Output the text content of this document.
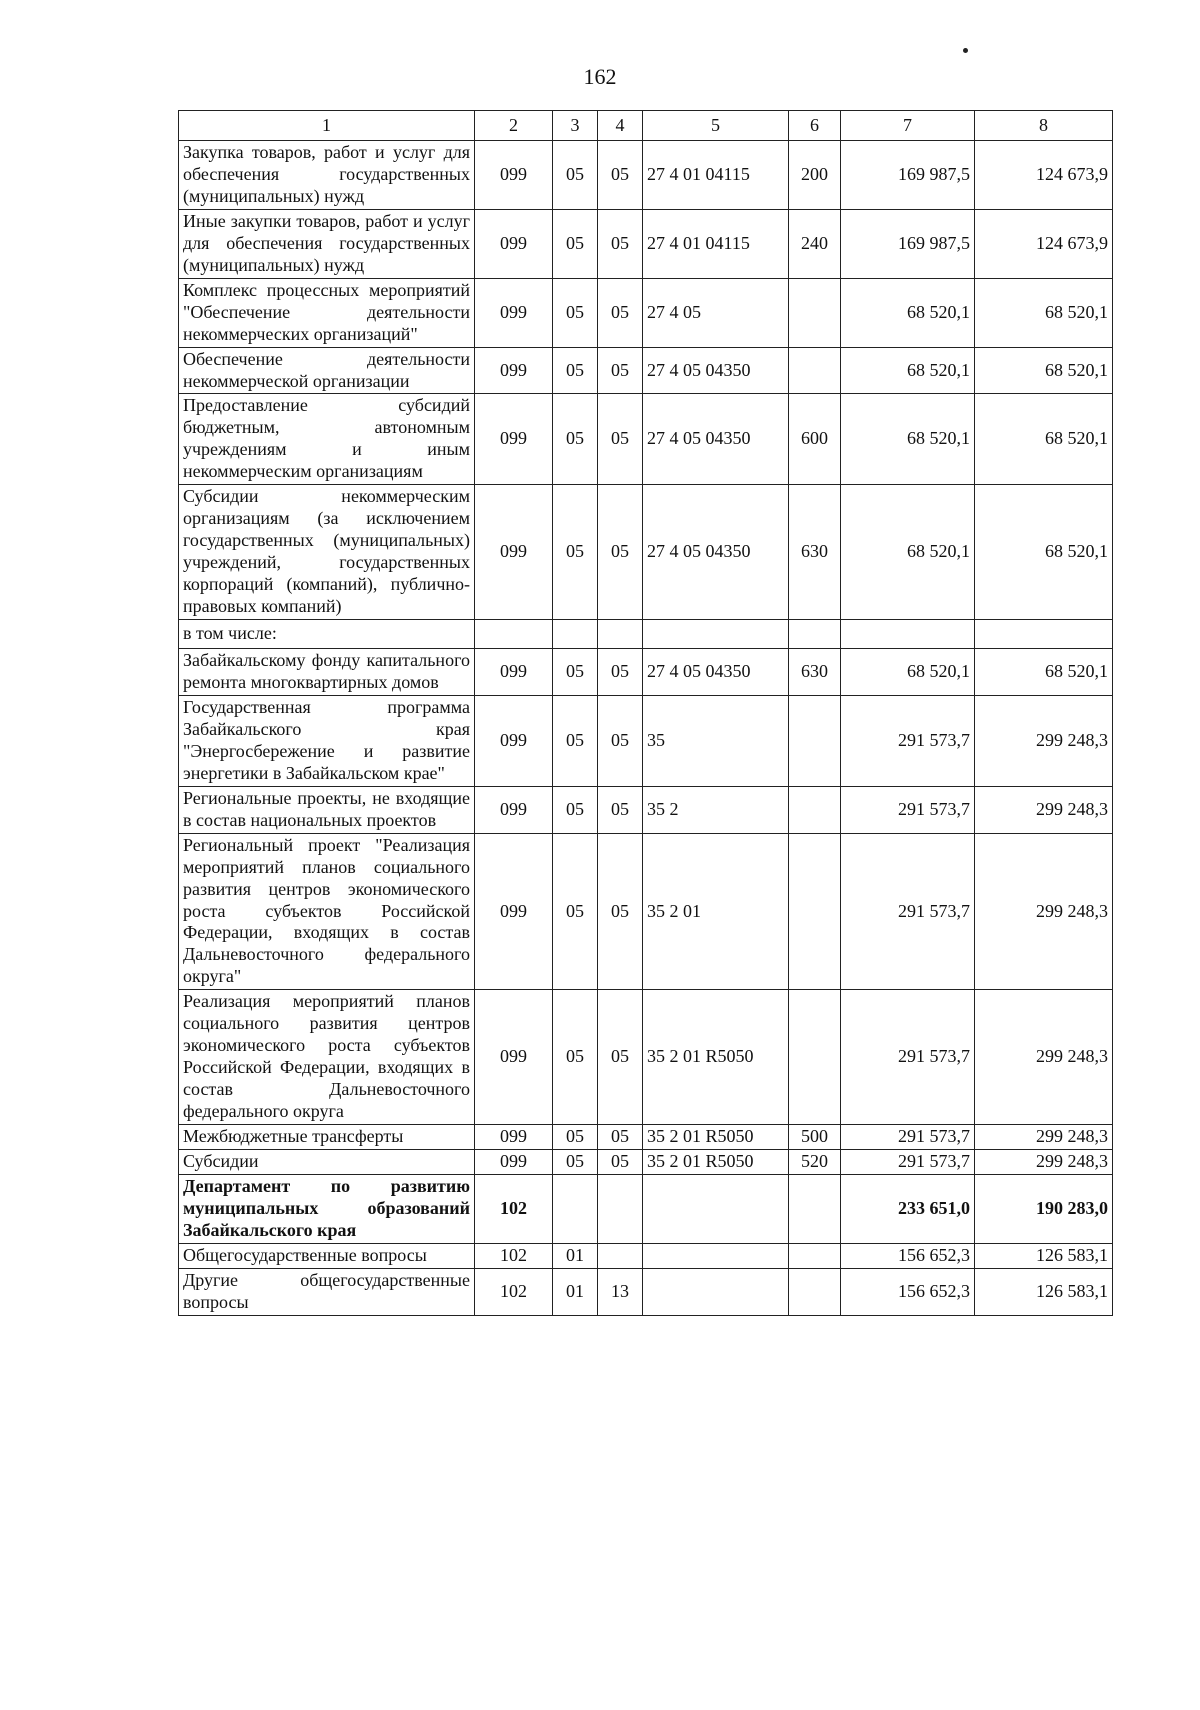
162
1	2	3	4	5	6	7	8
Закупка товаров, работ и услуг для обеспечения государственных (муниципальных) нужд	099	05	05	27 4 01 04115	200	169 987,5	124 673,9
Иные закупки товаров, работ и услуг для обеспечения государственных (муниципальных) нужд	099	05	05	27 4 01 04115	240	169 987,5	124 673,9
Комплекс процессных мероприятий "Обеспечение деятельности некоммерческих организаций"	099	05	05	27 4 05		68 520,1	68 520,1
Обеспечение деятельности некоммерческой организации	099	05	05	27 4 05 04350		68 520,1	68 520,1
Предоставление субсидий бюджетным, автономным учреждениям и иным некоммерческим организациям	099	05	05	27 4 05 04350	600	68 520,1	68 520,1
Субсидии некоммерческим организациям (за исключением государственных (муниципальных) учреждений, государственных корпораций (компаний), публично-правовых компаний)	099	05	05	27 4 05 04350	630	68 520,1	68 520,1
в том числе:							
Забайкальскому фонду капитального ремонта многоквартирных домов	099	05	05	27 4 05 04350	630	68 520,1	68 520,1
Государственная программа Забайкальского края "Энергосбережение и развитие энергетики в Забайкальском крае"	099	05	05	35		291 573,7	299 248,3
Региональные проекты, не входящие в состав национальных проектов	099	05	05	35 2		291 573,7	299 248,3
Региональный проект "Реализация мероприятий планов социального развития центров экономического роста субъектов Российской Федерации, входящих в состав Дальневосточного федерального округа"	099	05	05	35 2 01		291 573,7	299 248,3
Реализация мероприятий планов социального развития центров экономического роста субъектов Российской Федерации, входящих в состав Дальневосточного федерального округа	099	05	05	35 2 01 R5050		291 573,7	299 248,3
Межбюджетные трансферты	099	05	05	35 2 01 R5050	500	291 573,7	299 248,3
Субсидии	099	05	05	35 2 01 R5050	520	291 573,7	299 248,3
Департамент по развитию муниципальных образований Забайкальского края	102					233 651,0	190 283,0
Общегосударственные вопросы	102	01				156 652,3	126 583,1
Другие общегосударственные вопросы	102	01	13			156 652,3	126 583,1
